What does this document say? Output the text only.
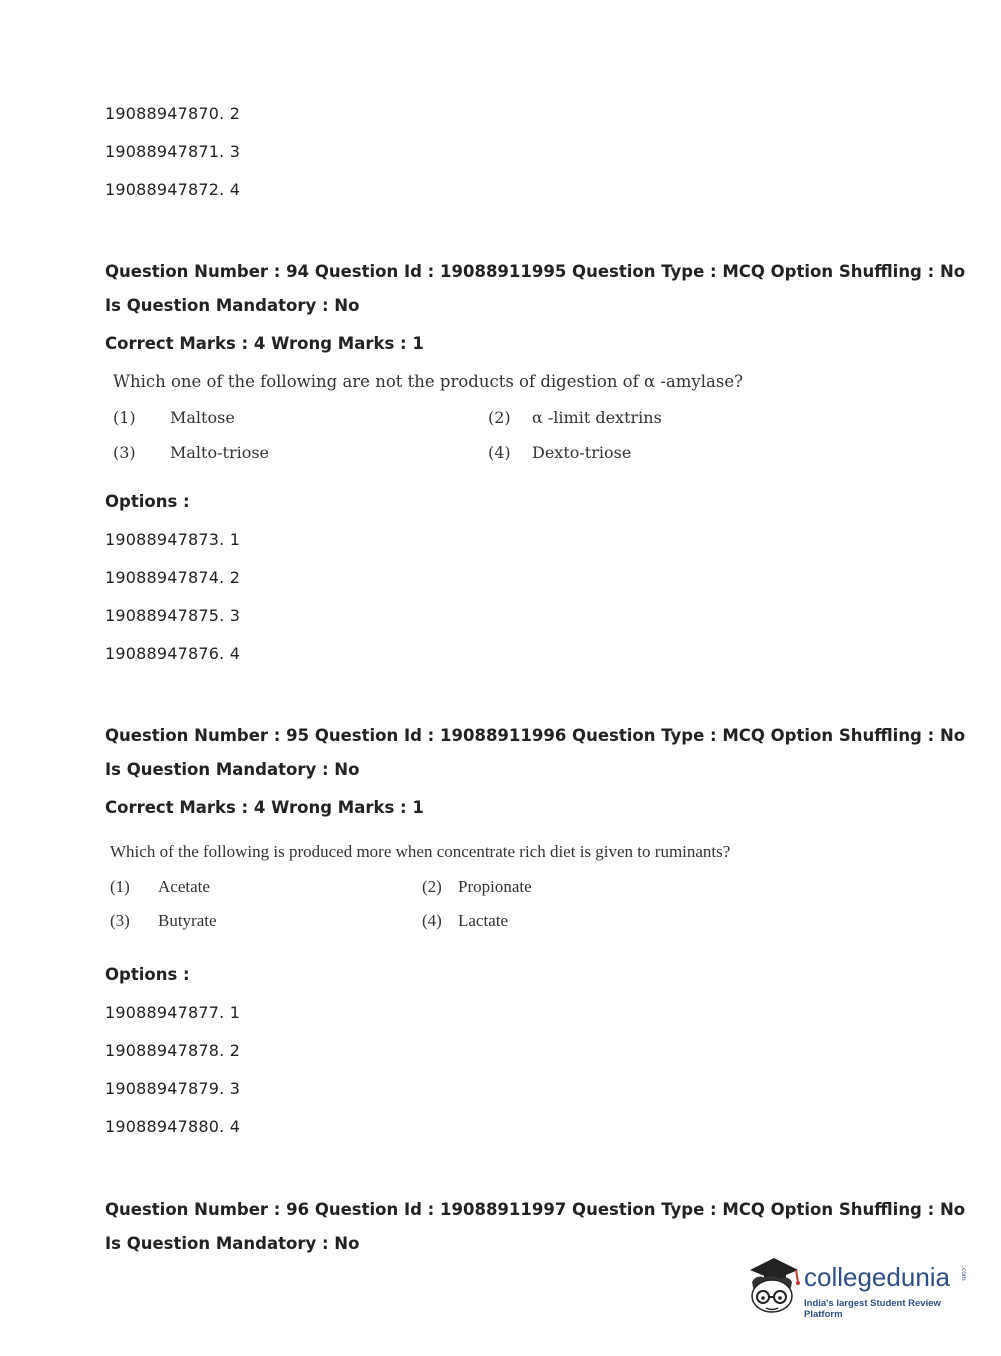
19088947870. 2
19088947871. 3
19088947872. 4
Question Number : 94 Question Id : 19088911995 Question Type : MCQ Option Shuffling : No
Is Question Mandatory : No
Correct Marks : 4 Wrong Marks : 1
Which one of the following are not the products of digestion of α -amylase?
(1) Maltose	(2) α -limit dextrins
(3) Malto-triose	(4) Dexto-triose
Options :
19088947873. 1
19088947874. 2
19088947875. 3
19088947876. 4
Question Number : 95 Question Id : 19088911996 Question Type : MCQ Option Shuffling : No
Is Question Mandatory : No
Correct Marks : 4 Wrong Marks : 1
Which of the following is produced more when concentrate rich diet is given to ruminants?
(1) Acetate	(2) Propionate
(3) Butyrate	(4) Lactate
Options :
19088947877. 1
19088947878. 2
19088947879. 3
19088947880. 4
Question Number : 96 Question Id : 19088911997 Question Type : MCQ Option Shuffling : No
Is Question Mandatory : No
collegedunia .com
India's largest Student Review Platform
